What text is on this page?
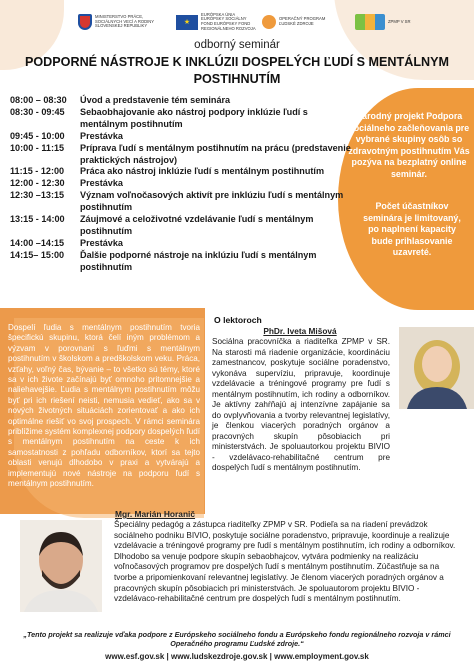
MINISTERSTVO PRÁCE, SOCIÁLNYCH VECÍ A RODINY SLOVENSKEJ REPUBLIKY	★
EURÓPSKA ÚNIA EURÓPSKY SOCIÁLNY FOND EURÓPSKY FOND REGIONÁLNEHO ROZVOJA
OPERAČNÝ PROGRAM ĽUDSKÉ ZDROJE	ZPMP V SR
odborný seminár
PODPORNÉ NÁSTROJE K INKLÚZII DOSPELÝCH ĽUDÍ S MENTÁLNYM POSTIHNUTÍM
08:00 – 08:30	Úvod a predstavenie tém seminára
08:30 - 09:45	Sebaobhajovanie ako nástroj podpory inklúzie ľudí s mentálnym postihnutím
09:45 - 10:00	Prestávka
10:00 - 11:15	Príprava ľudí s mentálnym postihnutím na prácu (predstavenie praktických nástrojov)
11:15 - 12:00	Práca ako nástroj inklúzie ľudí s mentálnym postihnutím
12:00 - 12:30	Prestávka
12:30 –13:15	Význam voľnočasových aktivít pre inklúziu ľudí s mentálnym postihnutím
13:15 - 14:00	Záujmové a celoživotné vzdelávanie ľudí s mentálnym postihnutím
14:00 –14:15	Prestávka
14:15– 15:00	Ďalšie podporné nástroje na inklúziu ľudí s mentálnym postihnutím
Národný projekt Podpora sociálneho začleňovania pre vybrané skupiny osôb so zdravotným postihnutím Vás pozýva na bezplatný online seminár.
Počet účastníkov seminára je limitovaný, po naplnení kapacity bude prihlasovanie uzavreté.
Dospelí ľudia s mentálnym postihnutím tvoria špecifickú skupinu, ktorá čelí iným problémom a výzvam v porovnaní s ľuďmi s mentálnym postihnutím v školskom a predškolskom veku. Práca, vzťahy, voľný čas, bývanie – to všetko sú témy, ktoré sa v ich živote začínajú byť omnoho pritomnejšie a naliehavejšie. Ľudia s mentálnym postihnutím môžu byť pri ich riešení neisti, nemusia vedieť, ako sa v nových životných situáciách zorientovať a ako ich optimálne riešiť vo svoj prospech. V rámci seminára priblížime systém komplexnej podpory dospelých ľudí s mentálnym postihnutím na ceste k ich samostatnosti z pohľadu odborníkov, ktorí sa tejto oblasti venujú dlhodobo v praxi a vytvárajú a implementujú nové nástroje na podporu ľudí s mentálnym postihnutím.
O lektoroch
PhDr. Iveta Mišová
Sociálna pracovníčka a riaditeľka ZPMP v SR. Na starosti má riadenie organizácie, koordináciu zamestnancov, poskytuje sociálne poradenstvo, vykonáva supervíziu, pripravuje, koordinuje vzdelávacie a tréningové programy pre ľudí s mentálnym postihnutím, ich rodiny a odborníkov. Je aktívny zahŕňajú aj intenzívne zapájanie sa do ovplyvňovania a tvorby relevantnej legislatívy, je členkou viacerých poradných orgánov a pracovných skupín pôsobiacich pri ministerstvách. Je spoluautorkou projektu BIVIO - vzdelávaco-rehabilitačné centrum pre dospelých ľudí s mentálnym postihnutím.
Mgr. Marián Horanič
Špeciálny pedagóg a zástupca riaditeľky ZPMP v SR. Podieľa sa na riadení prevádzok sociálneho podniku BIVIO, poskytuje sociálne poradenstvo, pripravuje, koordinuje a realizuje vzdelávacie a tréningové programy pre ľudí s mentálnym postihnutím, ich rodiny a odborníkov. Dlhodobo sa venuje podpore skupín sebaobhajcov, vytvára podmienky na realizáciu voľnočasových programov pre dospelých ľudí s mentálnym postihnutím. Zúčastňuje sa na tvorbe a pripomienkovaní relevantnej legislatívy. Je členom viacerých poradných orgánov a pracovných skupín pôsobiacich pri ministerstvách. Je spoluautorom projektu BIVIO - vzdelávaco-rehabilitačné centrum pre dospelých ľudí s mentálnym postihnutím.
„Tento projekt sa realizuje vďaka podpore z Európskeho sociálneho fondu a Európskeho fondu regionálneho rozvoja v rámci Operačného programu Ľudské zdroje.“
www.esf.gov.sk | www.ludskezdroje.gov.sk | www.employment.gov.sk
